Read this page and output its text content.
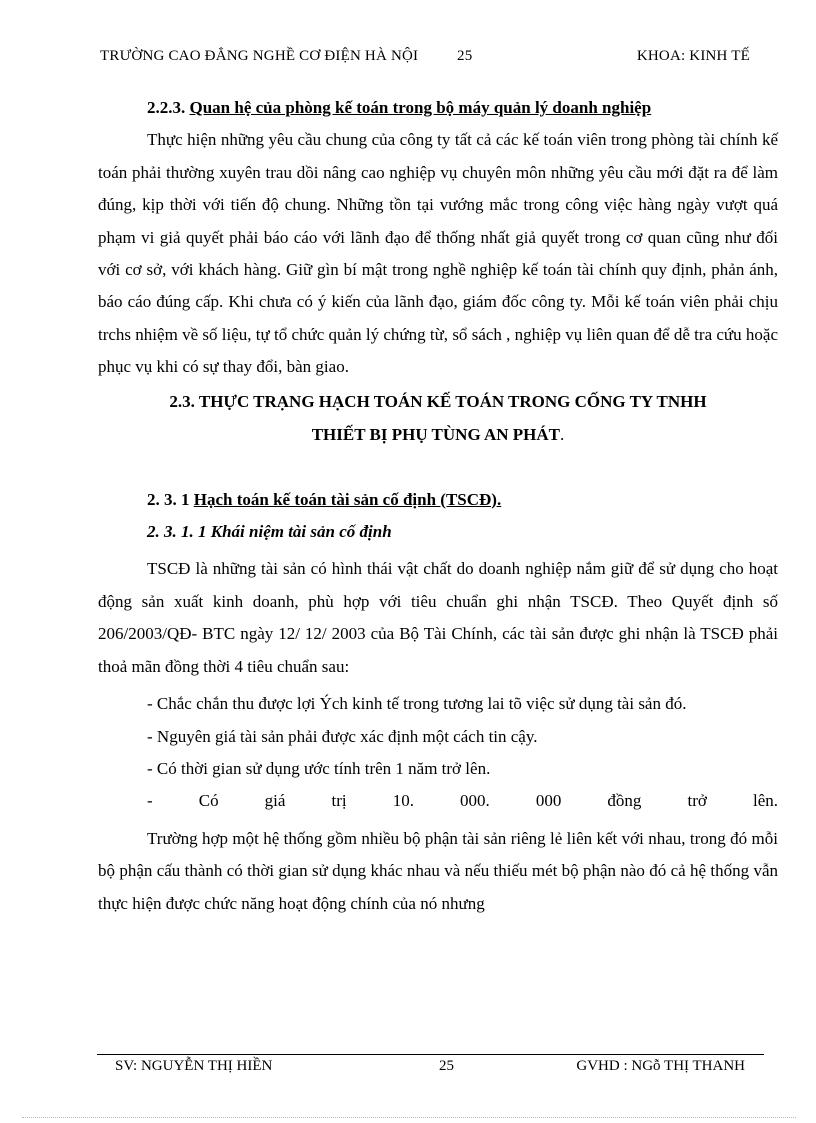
TRƯỜNG CAO ĐẲNG NGHỀ CƠ ĐIỆN HÀ NỘI	25	KHOA: KINH TẾ

2.2.3. Quan hệ của phòng kế toán trong bộ máy quản lý doanh nghiệp

Thực hiện những yêu cầu chung của công ty tất cả các kế toán viên trong phòng tài chính kế toán phải thường xuyên trau dồi nâng cao nghiệp vụ chuyên môn những yêu cầu mới đặt ra để làm đúng, kịp thời với tiến độ chung. Những tồn tại vướng mắc trong công việc hàng ngày vượt quá phạm vi giả quyết phải báo cáo với lãnh đạo để thống nhất giả quyết trong cơ quan cũng như đối với cơ sở, với khách hàng. Giữ gìn bí mật trong nghề nghiệp kế toán tài chính quy định, phản ánh, báo cáo đúng cấp. Khi chưa có ý kiến của lãnh đạo, giám đốc công ty. Mỗi kế toán viên phải chịu trchs nhiệm về số liệu, tự tổ chức quản lý chứng từ, sổ sách , nghiệp vụ liên quan để dễ tra cứu hoặc phục vụ khi có sự thay đổi, bàn giao.

2.3. THỰC TRẠNG HẠCH TOÁN KẾ TOÁN TRONG CỐNG TY TNHH

THIẾT BỊ PHỤ TÙNG AN PHÁT.

2. 3. 1 Hạch toán kế toán tài sản cố định (TSCĐ).

2. 3. 1. 1 Khái niệm tài sản cố định

TSCĐ là những tài sản có hình thái vật chất do doanh nghiệp nắm giữ để sử dụng cho hoạt động sản xuất kinh doanh, phù hợp với tiêu chuẩn ghi nhận TSCĐ. Theo Quyết định số 206/2003/QĐ- BTC ngày 12/ 12/ 2003 của Bộ Tài Chính, các tài sản được ghi nhận là TSCĐ phải thoả mãn đồng thời 4 tiêu chuẩn sau:

- Chắc chắn thu được lợi Ých kinh tế trong tương lai tõ việc sử dụng tài sản đó.

- Nguyên giá tài sản phải được xác định một cách tin cậy.

- Có thời gian sử dụng ước tính trên 1 năm trở lên.

- Có giá trị 10. 000. 000 đồng trở lên.

Trường hợp một hệ thống gồm nhiều bộ phận tài sản riêng lẻ liên kết với nhau, trong đó mỗi bộ phận cấu thành có thời gian sử dụng khác nhau và nếu thiếu mét bộ phận nào đó cả hệ thống vẫn thực hiện được chức năng hoạt động chính của nó nhưng

SV: NGUYỄN THỊ HIỀN	25	GVHD : NGỗ THỊ THANH
